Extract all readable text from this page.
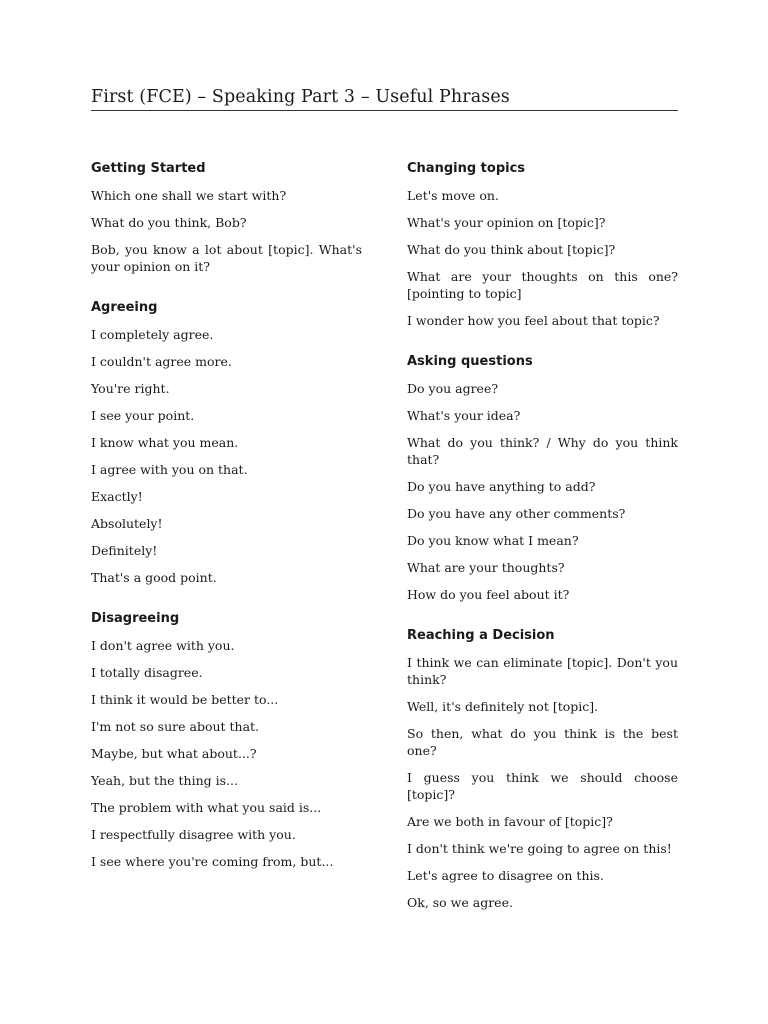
First (FCE) – Speaking Part 3 – Useful Phrases
Getting Started
Which one shall we start with?
What do you think, Bob?
Bob, you know a lot about [topic]. What's your opinion on it?
Agreeing
I completely agree.
I couldn't agree more.
You're right.
I see your point.
I know what you mean.
I agree with you on that.
Exactly!
Absolutely!
Definitely!
That's a good point.
Disagreeing
I don't agree with you.
I totally disagree.
I think it would be better to...
I'm not so sure about that.
Maybe, but what about...?
Yeah, but the thing is...
The problem with what you said is...
I respectfully disagree with you.
I see where you're coming from, but...
Changing topics
Let's move on.
What's your opinion on [topic]?
What do you think about [topic]?
What are your thoughts on this one? [pointing to topic]
I wonder how you feel about that topic?
Asking questions
Do you agree?
What's your idea?
What do you think? / Why do you think that?
Do you have anything to add?
Do you have any other comments?
Do you know what I mean?
What are your thoughts?
How do you feel about it?
Reaching a Decision
I think we can eliminate [topic]. Don't you think?
Well, it's definitely not [topic].
So then, what do you think is the best one?
I guess you think we should choose [topic]?
Are we both in favour of [topic]?
I don't think we're going to agree on this!
Let's agree to disagree on this.
Ok, so we agree.
